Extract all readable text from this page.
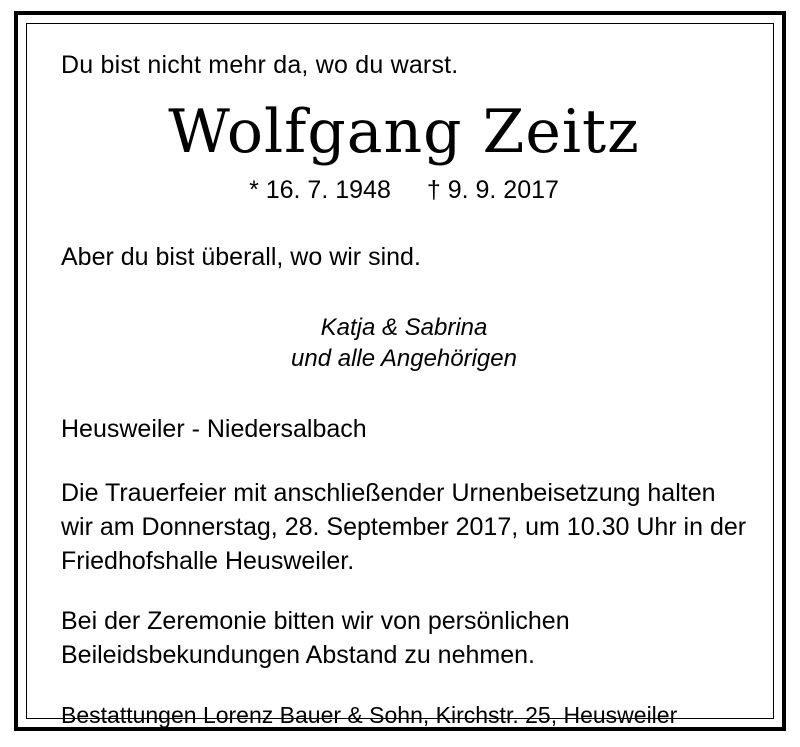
Du bist nicht mehr da, wo du warst.

Wolfgang Zeitz

* 16. 7. 1948 † 9. 9. 2017

Aber du bist überall, wo wir sind.

Katja & Sabrina
und alle Angehörigen

Heusweiler - Niedersalbach

Die Trauerfeier mit anschließender Urnenbeisetzung halten wir am Donnerstag, 28. September 2017, um 10.30 Uhr in der Friedhofshalle Heusweiler.

Bei der Zeremonie bitten wir von persönlichen Beileidsbekundungen Abstand zu nehmen.

Bestattungen Lorenz Bauer & Sohn, Kirchstr. 25, Heusweiler
